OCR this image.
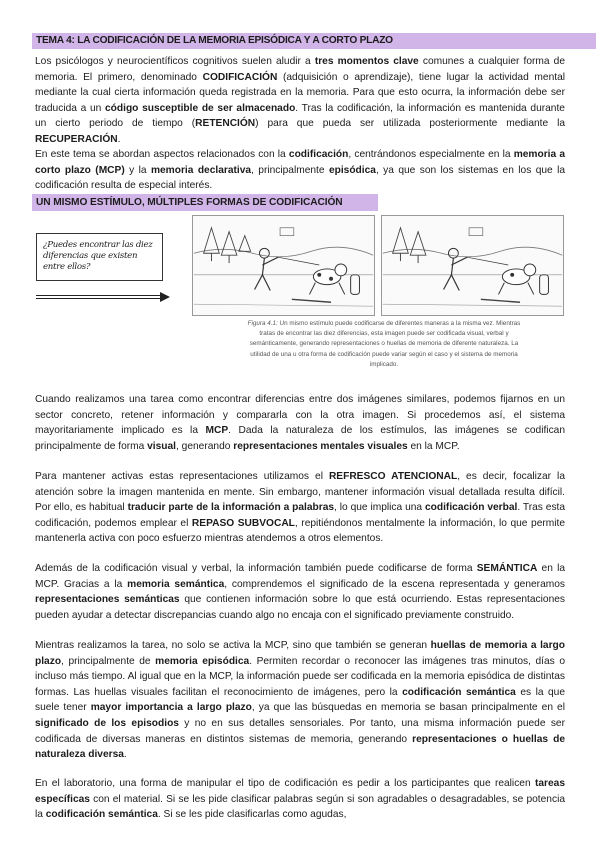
TEMA 4: LA CODIFICACIÓN DE LA MEMORIA EPISÓDICA Y A CORTO PLAZO

Los psicólogos y neurocientíficos cognitivos suelen aludir a tres momentos clave comunes a cualquier forma de memoria. El primero, denominado CODIFICACIÓN (adquisición o aprendizaje), tiene lugar la actividad mental mediante la cual cierta información queda registrada en la memoria. Para que esto ocurra, la información debe ser traducida a un código susceptible de ser almacenado. Tras la codificación, la información es mantenida durante un cierto periodo de tiempo (RETENCIÓN) para que pueda ser utilizada posteriormente mediante la RECUPERACIÓN.

En este tema se abordan aspectos relacionados con la codificación, centrándonos especialmente en la memoria a corto plazo (MCP) y la memoria declarativa, principalmente episódica, ya que son los sistemas en los que la codificación resulta de especial interés.

UN MISMO ESTÍMULO, MÚLTIPLES FORMAS DE CODIFICACIÓN
¿Puedes encontrar las diez diferencias que existen entre ellos?
Figura 4.1: Un mismo estímulo puede codificarse de diferentes maneras a la misma vez. Mientras tratas de encontrar las diez diferencias, esta imagen puede ser codificada visual, verbal y semánticamente, generando representaciones o huellas de memoria de diferente naturaleza. La utilidad de una u otra forma de codificación puede variar según el caso y el sistema de memoria implicado.

Cuando realizamos una tarea como encontrar diferencias entre dos imágenes similares, podemos fijarnos en un sector concreto, retener información y compararla con la otra imagen. Si procedemos así, el sistema mayoritariamente implicado es la MCP. Dada la naturaleza de los estímulos, las imágenes se codifican principalmente de forma visual, generando representaciones mentales visuales en la MCP.

Para mantener activas estas representaciones utilizamos el REFRESCO ATENCIONAL, es decir, focalizar la atención sobre la imagen mantenida en mente. Sin embargo, mantener información visual detallada resulta difícil. Por ello, es habitual traducir parte de la información a palabras, lo que implica una codificación verbal. Tras esta codificación, podemos emplear el REPASO SUBVOCAL, repitiéndonos mentalmente la información, lo que permite mantenerla activa con poco esfuerzo mientras atendemos a otros elementos.

Además de la codificación visual y verbal, la información también puede codificarse de forma SEMÁNTICA en la MCP. Gracias a la memoria semántica, comprendemos el significado de la escena representada y generamos representaciones semánticas que contienen información sobre lo que está ocurriendo. Estas representaciones pueden ayudar a detectar discrepancias cuando algo no encaja con el significado previamente construido.

Mientras realizamos la tarea, no solo se activa la MCP, sino que también se generan huellas de memoria a largo plazo, principalmente de memoria episódica. Permiten recordar o reconocer las imágenes tras minutos, días o incluso más tiempo. Al igual que en la MCP, la información puede ser codificada en la memoria episódica de distintas formas. Las huellas visuales facilitan el reconocimiento de imágenes, pero la codificación semántica es la que suele tener mayor importancia a largo plazo, ya que las búsquedas en memoria se basan principalmente en el significado de los episodios y no en sus detalles sensoriales. Por tanto, una misma información puede ser codificada de diversas maneras en distintos sistemas de memoria, generando representaciones o huellas de naturaleza diversa.

En el laboratorio, una forma de manipular el tipo de codificación es pedir a los participantes que realicen tareas específicas con el material. Si se les pide clasificar palabras según si son agradables o desagradables, se potencia la codificación semántica. Si se les pide clasificarlas como agudas,
